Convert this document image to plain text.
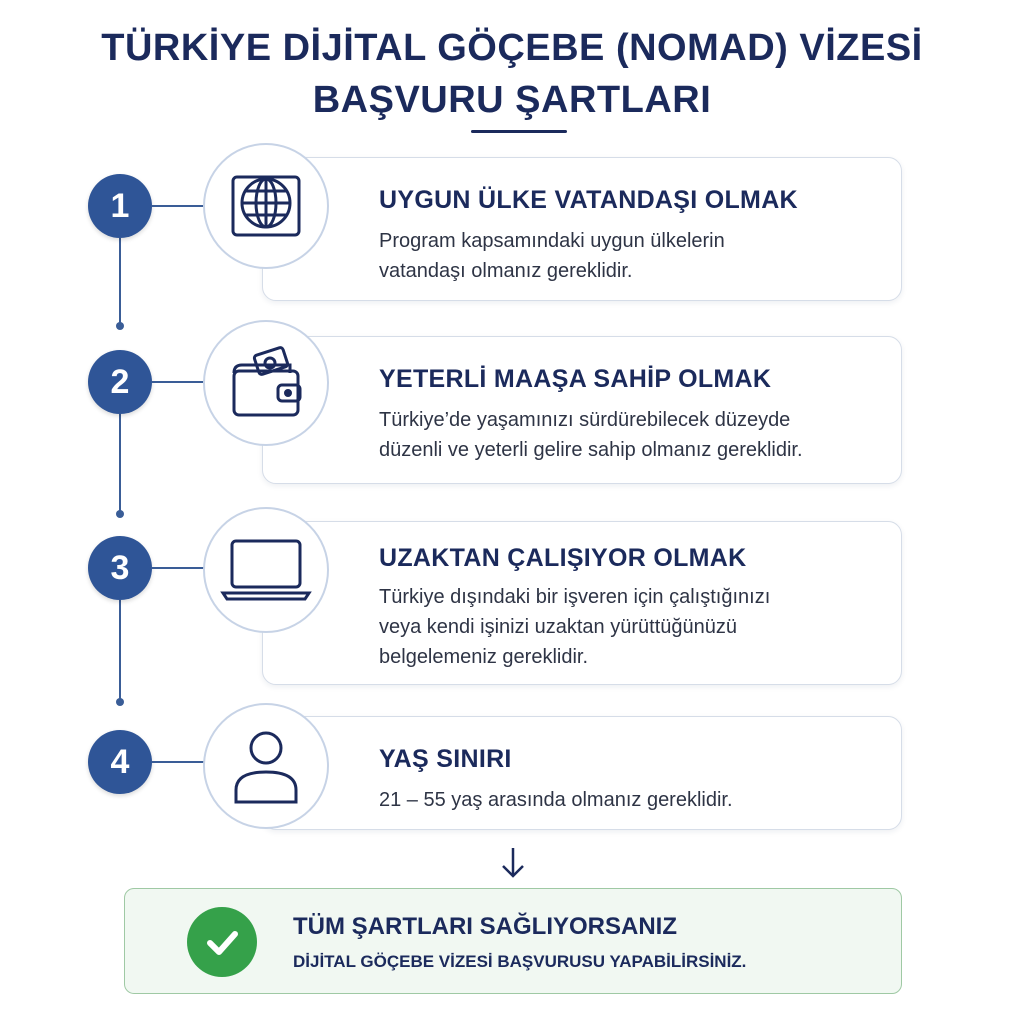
TÜRKİYE DİJİTAL GÖÇEBE (NOMAD) VİZESİ
BAŞVURU ŞARTLARI
UYGUN ÜLKE VATANDAŞI OLMAK
Program kapsamındaki uygun ülkelerin
vatandaşı olmanız gereklidir.
1
YETERLİ MAAŞA SAHİP OLMAK
Türkiye’de yaşamınızı sürdürebilecek düzeyde
düzenli ve yeterli gelire sahip olmanız gereklidir.
2
UZAKTAN ÇALIŞIYOR OLMAK
Türkiye dışındaki bir işveren için çalıştığınızı
veya kendi işinizi uzaktan yürüttüğünüzü
belgelemeniz gereklidir.
3
YAŞ SINIRI
21 – 55 yaş arasında olmanız gereklidir.
4
TÜM ŞARTLARI SAĞLIYORSANIZ
DİJİTAL GÖÇEBE VİZESİ BAŞVURUSU YAPABİLİRSİNİZ.
